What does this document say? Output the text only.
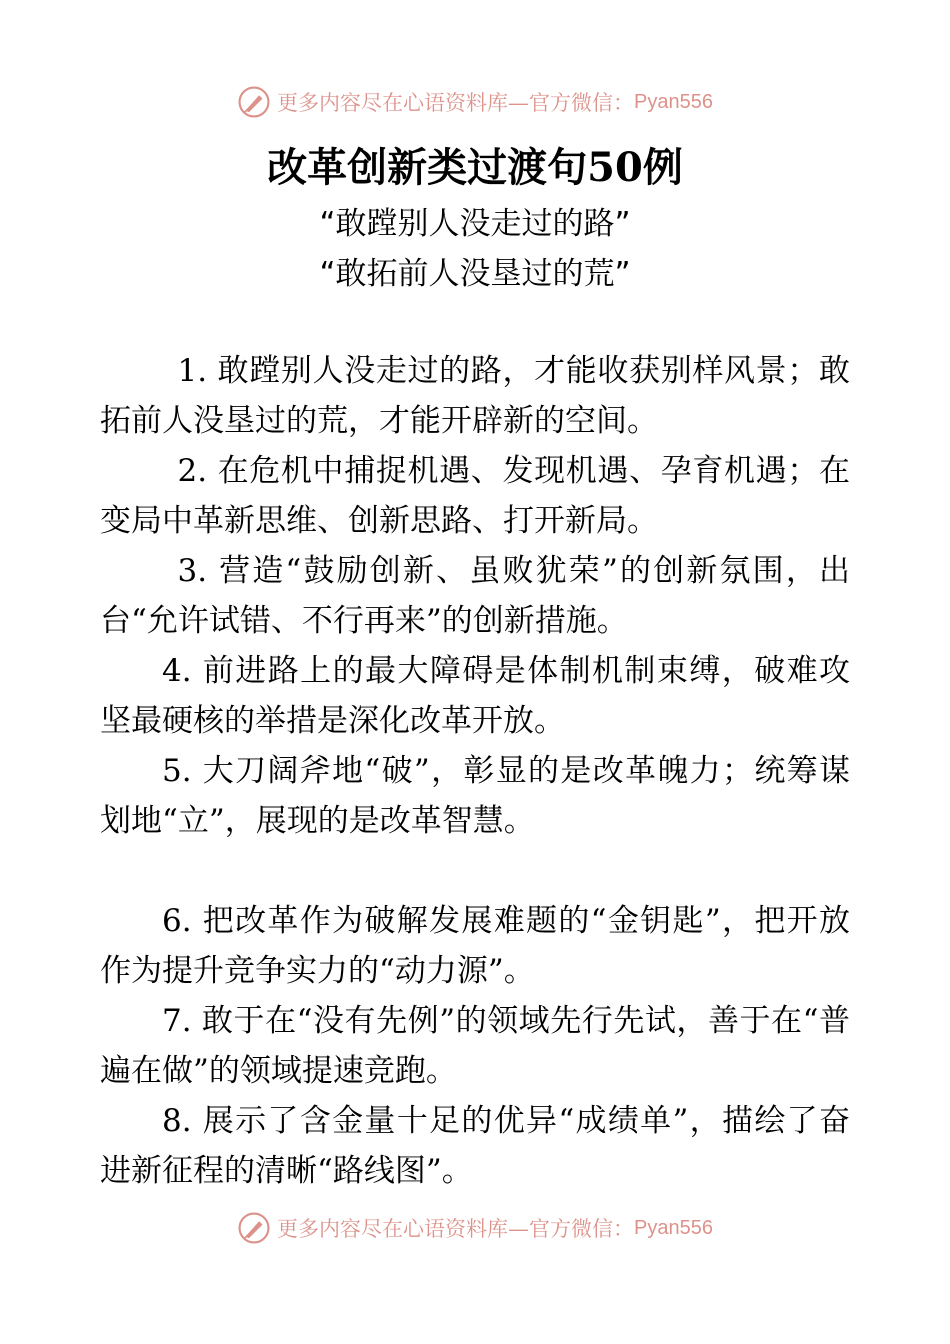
更多内容尽在心语资料库—官方微信： Pyan556
改革创新类过渡句50例
“敢蹚别人没走过的路”
“敢拓前人没垦过的荒”

1. 敢蹚别人没走过的路，才能收获别样风景；敢拓前人没垦过的荒，才能开辟新的空间。

2. 在危机中捕捉机遇、发现机遇、孕育机遇；在变局中革新思维、创新思路、打开新局。

3. 营造“鼓励创新、虽败犹荣”的创新氛围，出台“允许试错、不行再来”的创新措施。

4. 前进路上的最大障碍是体制机制束缚，破难攻坚最硬核的举措是深化改革开放。

5. 大刀阔斧地“破”，彰显的是改革魄力；统筹谋划地“立”，展现的是改革智慧。

6. 把改革作为破解发展难题的“金钥匙”，把开放作为提升竞争实力的“动力源”。

7. 敢于在“没有先例”的领域先行先试，善于在“普遍在做”的领域提速竞跑。

8. 展示了含金量十足的优异“成绩单”，描绘了奋进新征程的清晰“路线图”。

更多内容尽在心语资料库—官方微信： Pyan556
